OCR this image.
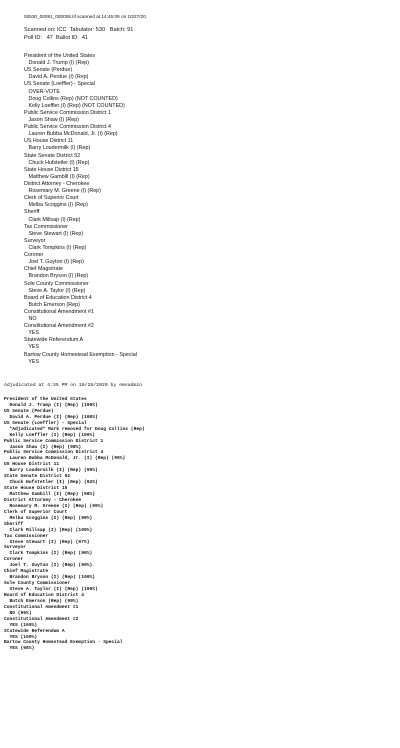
00530_00091_000006.tif scanned at 14:45:09 on 10/27/20.
Scanned on: ICC  Tabulator: 530   Batch: 91
Poll ID:   47  Ballot ID:  41
President of the United States
Donald J. Trump (I) (Rep)
US Senate (Perdue)
David A. Perdue (I) (Rep)
US Senate (Loeffler) - Special
OVER-VOTE
Doug Collins (Rep) (NOT COUNTED)
Kelly Loeffler (I) (Rep) (NOT COUNTED)
Public Service Commission District 1
Jason Shaw (I) (Rep)
Public Service Commission District 4
Lauren Bubba McDonald, Jr. (I) (Rep)
US House District 11
Barry Loudermilk (I) (Rep)
State Senate District 52
Chuck Hufstetler (I) (Rep)
State House District 15
Matthew Gambill (I) (Rep)
District Attorney - Cherokee
Rosemary M. Greene (I) (Rep)
Clerk of Superior Court
Melba Scoggins (I) (Rep)
Sheriff
Clark Millsap (I) (Rep)
Tax Commissioner
Steve Stewart (I) (Rep)
Surveyor
Clark Tompkins (I) (Rep)
Coroner
Joel T. Guyton (I) (Rep)
Chief Magistrate
Brandon Bryson (I) (Rep)
Sole County Commissioner
Steve A. Taylor (I) (Rep)
Board of Education District 4
Butch Emerson (Rep)
Constitutional Amendment #1
NO
Constitutional Amendment #2
YES
Statewide Referendum A
YES
Bartow County Homestead Exemption - Special
YES
Adjudicated at 4:35 PM on 10/28/2020 by emsadmin
President of the United States
Donald J. Trump (I) (Rep) (100%)
US Senate (Perdue)
David A. Perdue (I) (Rep) (100%)
US Senate (Loeffler) - Special
*Adjudicated* Mark removed for Doug Collins (Rep)
Kelly Loeffler (I) (Rep) (100%)
Public Service Commission District 1
Jason Shaw (I) (Rep) (98%)
Public Service Commission District 4
Lauren Bubba McDonald, Jr. (I) (Rep) (95%)
US House District 11
Barry Loudermilk (I) (Rep) (99%)
State Senate District 52
Chuck Hufstetler (I) (Rep) (92%)
State House District 15
Matthew Gambill (I) (Rep) (98%)
District Attorney - Cherokee
Rosemary M. Greene (I) (Rep) (99%)
Clerk of Superior Court
Melba Scoggins (I) (Rep) (99%)
Sheriff
Clark Millsap (I) (Rep) (100%)
Tax Commissioner
Steve Stewart (I) (Rep) (97%)
Surveyor
Clark Tompkins (I) (Rep) (96%)
Coroner
Joel T. Guyton (I) (Rep) (99%)
Chief Magistrate
Brandon Bryson (I) (Rep) (100%)
Sole County Commissioner
Steve A. Taylor (I) (Rep) (100%)
Board of Education District 4
Butch Emerson (Rep) (99%)
Constitutional Amendment #1
NO (99%)
Constitutional Amendment #2
YES (100%)
Statewide Referendum A
YES (100%)
Bartow County Homestead Exemption - Special
YES (98%)
